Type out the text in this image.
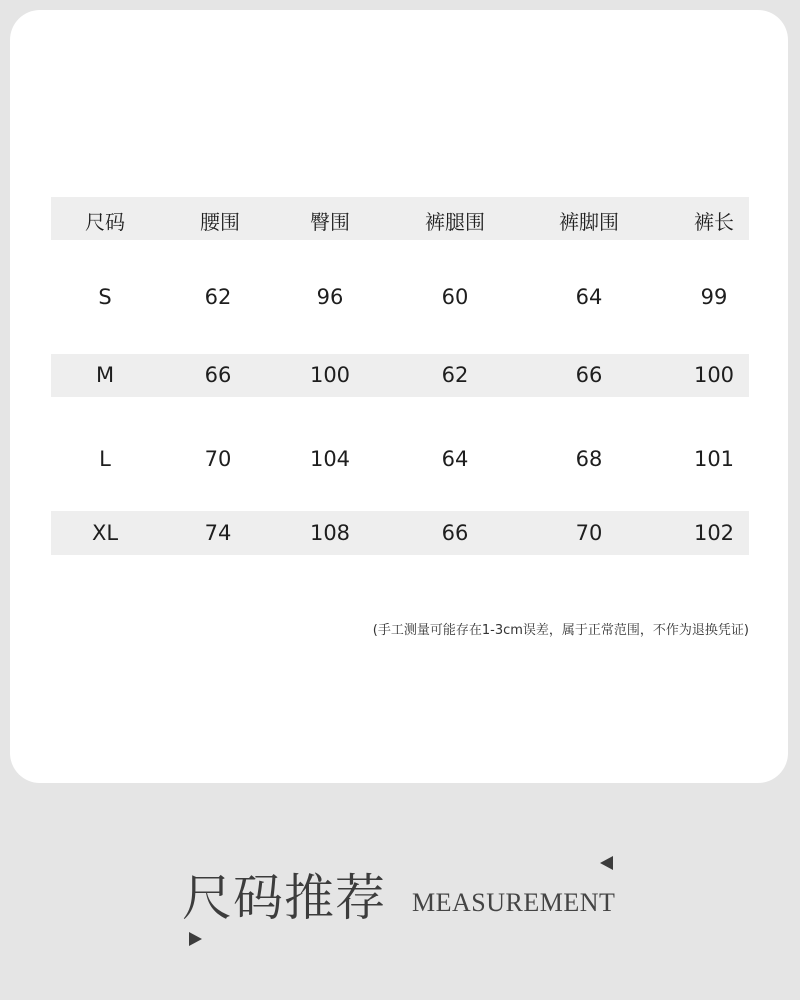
尺码	腰围	臀围	裤腿围	裤脚围	裤长
S	62	96	60	64	99
M	66	100	62	66	100
L	70	104	64	68	101
XL	74	108	66	70	102
(手工测量可能存在1-3cm误差，属于正常范围，不作为退换凭证)
尺码推荐 MEASUREMENT
